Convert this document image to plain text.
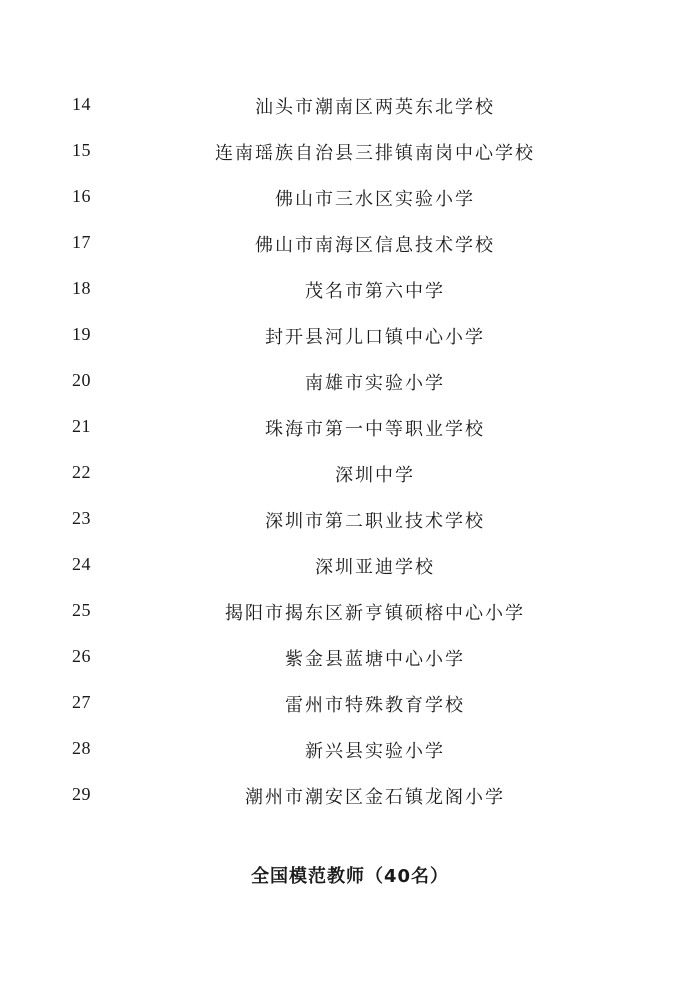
14	汕头市潮南区两英东北学校
15	连南瑶族自治县三排镇南岗中心学校
16	佛山市三水区实验小学
17	佛山市南海区信息技术学校
18	茂名市第六中学
19	封开县河儿口镇中心小学
20	南雄市实验小学
21	珠海市第一中等职业学校
22	深圳中学
23	深圳市第二职业技术学校
24	深圳亚迪学校
25	揭阳市揭东区新亨镇硕榕中心小学
26	紫金县蓝塘中心小学
27	雷州市特殊教育学校
28	新兴县实验小学
29	潮州市潮安区金石镇龙阁小学
全国模范教师（40名）
